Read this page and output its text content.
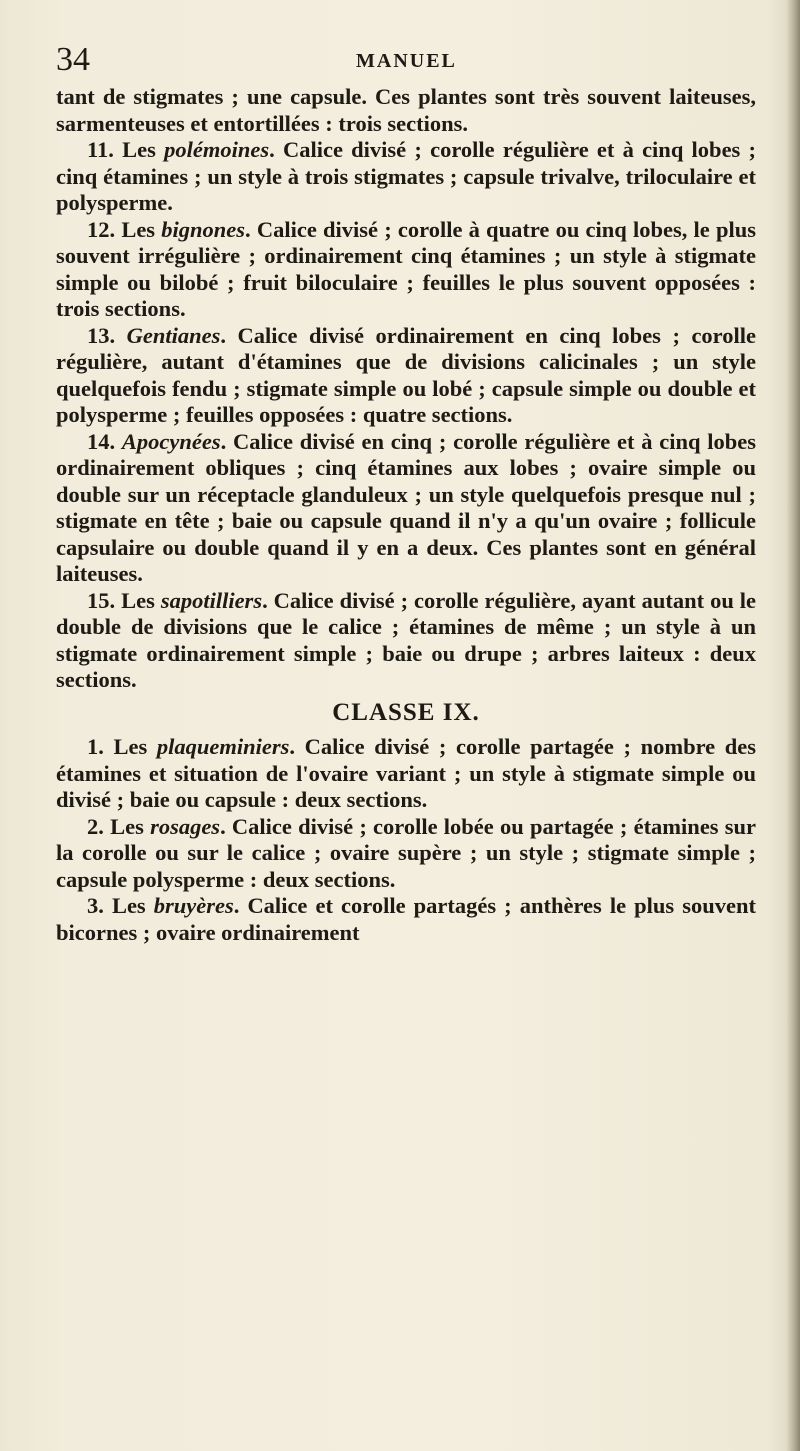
34	MANUEL

tant de stigmates ; une capsule. Ces plantes sont très souvent laiteuses, sarmenteuses et entortillées : trois sections.

11. Les polémoines. Calice divisé ; corolle régulière et à cinq lobes ; cinq étamines ; un style à trois stigmates ; capsule trivalve, triloculaire et polysperme.

12. Les bignones. Calice divisé ; corolle à quatre ou cinq lobes, le plus souvent irrégulière ; ordinairement cinq étamines ; un style à stigmate simple ou bilobé ; fruit biloculaire ; feuilles le plus souvent opposées : trois sections.

13. Gentianes. Calice divisé ordinairement en cinq lobes ; corolle régulière, autant d'étamines que de divisions calicinales ; un style quelquefois fendu ; stigmate simple ou lobé ; capsule simple ou double et polysperme ; feuilles opposées : quatre sections.

14. Apocynées. Calice divisé en cinq ; corolle régulière et à cinq lobes ordinairement obliques ; cinq étamines aux lobes ; ovaire simple ou double sur un réceptacle glanduleux ; un style quelquefois presque nul ; stigmate en tête ; baie ou capsule quand il n'y a qu'un ovaire ; follicule capsulaire ou double quand il y en a deux. Ces plantes sont en général laiteuses.

15. Les sapotilliers. Calice divisé ; corolle régulière, ayant autant ou le double de divisions que le calice ; étamines de même ; un style à un stigmate ordinairement simple ; baie ou drupe ; arbres laiteux : deux sections.

CLASSE IX.

1. Les plaqueminiers. Calice divisé ; corolle partagée ; nombre des étamines et situation de l'ovaire variant ; un style à stigmate simple ou divisé ; baie ou capsule : deux sections.

2. Les rosages. Calice divisé ; corolle lobée ou partagée ; étamines sur la corolle ou sur le calice ; ovaire supère ; un style ; stigmate simple ; capsule polysperme : deux sections.

3. Les bruyères. Calice et corolle partagés ; anthères le plus souvent bicornes ; ovaire ordinairement
